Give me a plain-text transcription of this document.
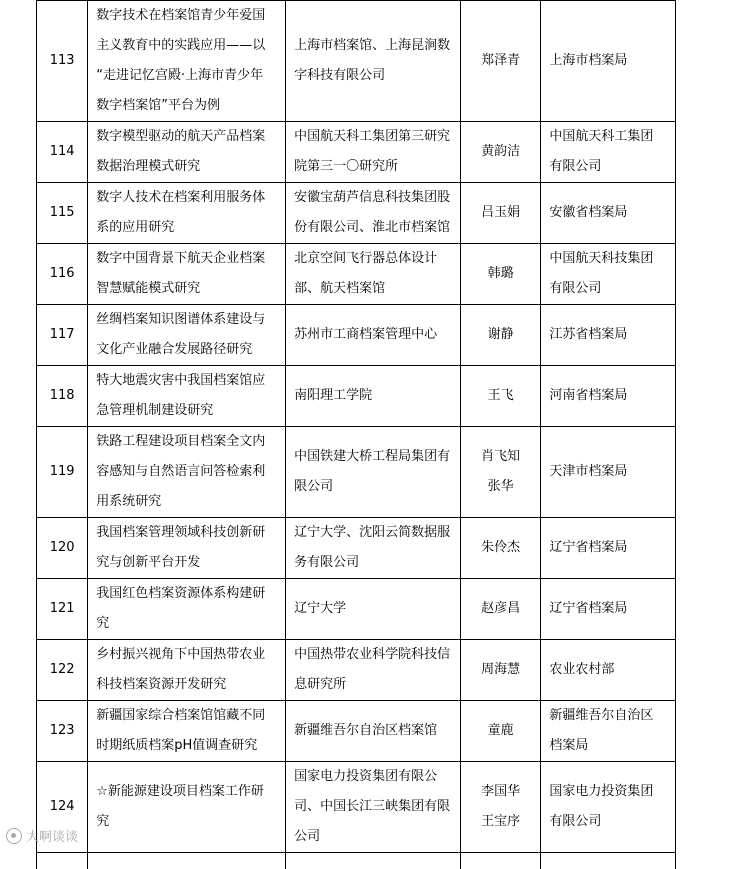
113	数字技术在档案馆青少年爱国
主义教育中的实践应用——以
“走进记忆宫殿·上海市青少年
数字档案馆”平台为例	上海市档案馆、上海昆涧数
字科技有限公司	郑泽青	上海市档案局

114	数字模型驱动的航天产品档案
数据治理模式研究	中国航天科工集团第三研究
院第三一〇研究所	黄韵洁	中国航天科工集团
有限公司

115	数字人技术在档案利用服务体
系的应用研究	安徽宝葫芦信息科技集团股
份有限公司、淮北市档案馆	吕玉娟	安徽省档案局

116	数字中国背景下航天企业档案
智慧赋能模式研究	北京空间飞行器总体设计
部、航天档案馆	韩璐	中国航天科技集团
有限公司

117	丝绸档案知识图谱体系建设与
文化产业融合发展路径研究	苏州市工商档案管理中心	谢静	江苏省档案局

118	特大地震灾害中我国档案馆应
急管理机制建设研究	南阳理工学院	王飞	河南省档案局

119	铁路工程建设项目档案全文内
容感知与自然语言问答检索利
用系统研究	中国铁建大桥工程局集团有
限公司	肖飞知
张华	天津市档案局

120	我国档案管理领域科技创新研
究与创新平台开发	辽宁大学、沈阳云简数据服
务有限公司	朱伶杰	辽宁省档案局

121	我国红色档案资源体系构建研
究	辽宁大学	赵彦昌	辽宁省档案局

122	乡村振兴视角下中国热带农业
科技档案资源开发研究	中国热带农业科学院科技信
息研究所	周海慧	农业农村部

123	新疆国家综合档案馆馆藏不同
时期纸质档案pH值调查研究	新疆维吾尔自治区档案馆	童鹿	新疆维吾尔自治区
档案局

124	☆新能源建设项目档案工作研
究	国家电力投资集团有限公
司、中国长江三峡集团有限
公司	李国华
王宝序	国家电力投资集团
有限公司

大啊谈谈
